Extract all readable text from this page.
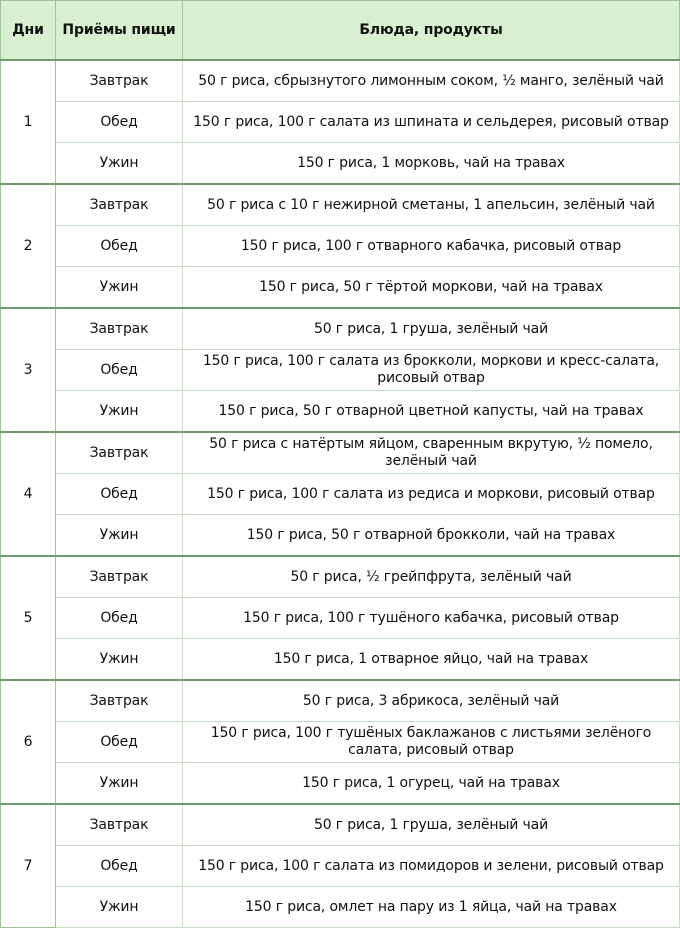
Дни	Приёмы пищи	Блюда, продукты
1	Завтрак	50 г риса, сбрызнутого лимонным соком, ½ манго, зелёный чай
	Обед	150 г риса, 100 г салата из шпината и сельдерея, рисовый отвар
	Ужин	150 г риса, 1 морковь, чай на травах
2	Завтрак	50 г риса с 10 г нежирной сметаны, 1 апельсин, зелёный чай
	Обед	150 г риса, 100 г отварного кабачка, рисовый отвар
	Ужин	150 г риса, 50 г тёртой моркови, чай на травах
3	Завтрак	50 г риса, 1 груша, зелёный чай
	Обед	150 г риса, 100 г салата из брокколи, моркови и кресс-салата, рисовый отвар
	Ужин	150 г риса, 50 г отварной цветной капусты, чай на травах
4	Завтрак	50 г риса с натёртым яйцом, сваренным вкрутую, ½ помело, зелёный чай
	Обед	150 г риса, 100 г салата из редиса и моркови, рисовый отвар
	Ужин	150 г риса, 50 г отварной брокколи, чай на травах
5	Завтрак	50 г риса, ½ грейпфрута, зелёный чай
	Обед	150 г риса, 100 г тушёного кабачка, рисовый отвар
	Ужин	150 г риса, 1 отварное яйцо, чай на травах
6	Завтрак	50 г риса, 3 абрикоса, зелёный чай
	Обед	150 г риса, 100 г тушёных баклажанов с листьями зелёного салата, рисовый отвар
	Ужин	150 г риса, 1 огурец, чай на травах
7	Завтрак	50 г риса, 1 груша, зелёный чай
	Обед	150 г риса, 100 г салата из помидоров и зелени, рисовый отвар
	Ужин	150 г риса, омлет на пару из 1 яйца, чай на травах
